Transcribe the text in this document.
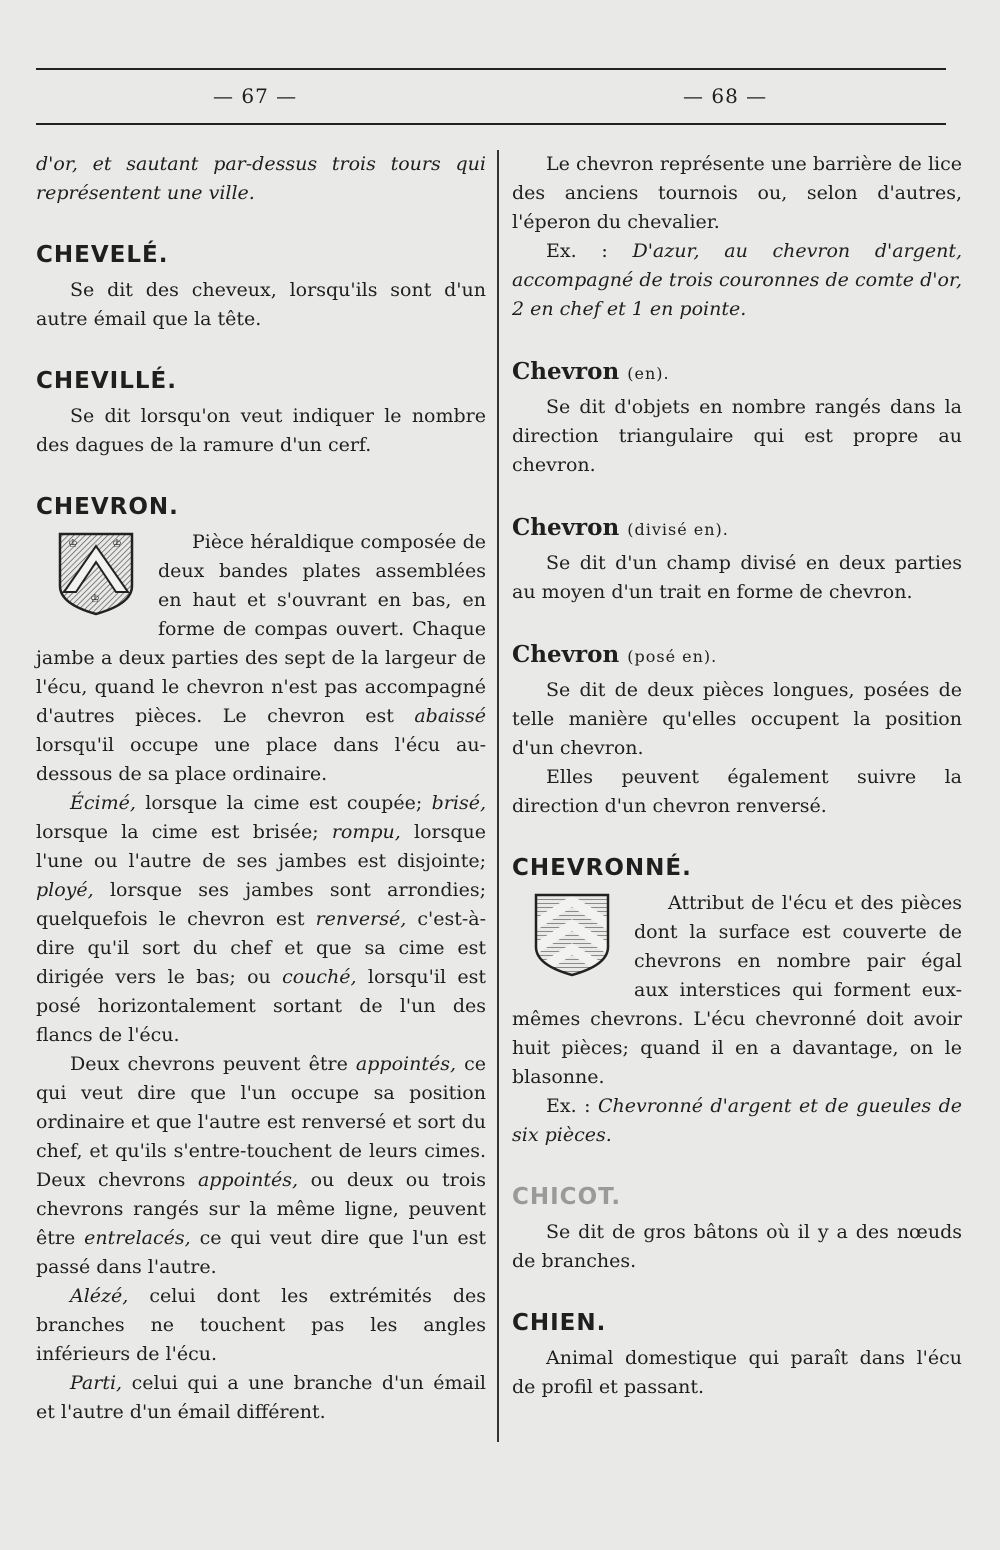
— 67 —	— 68 —

d'or, et sautant par-dessus trois tours qui représentent une ville.

CHEVELÉ.

Se dit des cheveux, lorsqu'ils sont d'un autre émail que la tête.

CHEVILLÉ.

Se dit lorsqu'on veut indiquer le nombre des dagues de la ramure d'un cerf.

CHEVRON.

♔	♔
♔
Pièce héraldique composée de deux bandes plates assemblées en haut et s'ouvrant en bas, en forme de compas ouvert. Chaque jambe a deux parties des sept de la largeur de l'écu, quand le chevron n'est pas accompagné d'autres pièces. Le chevron est abaissé lorsqu'il occupe une place dans l'écu au-dessous de sa place ordinaire.

Écimé, lorsque la cime est coupée; brisé, lorsque la cime est brisée; rompu, lorsque l'une ou l'autre de ses jambes est disjointe; ployé, lorsque ses jambes sont arrondies; quelquefois le chevron est renversé, c'est-à-dire qu'il sort du chef et que sa cime est dirigée vers le bas; ou couché, lorsqu'il est posé horizontalement sortant de l'un des flancs de l'écu.

Deux chevrons peuvent être appointés, ce qui veut dire que l'un occupe sa position ordinaire et que l'autre est renversé et sort du chef, et qu'ils s'entre-touchent de leurs cimes. Deux chevrons appointés, ou deux ou trois chevrons rangés sur la même ligne, peuvent être entrelacés, ce qui veut dire que l'un est passé dans l'autre.

Alézé, celui dont les extrémités des branches ne touchent pas les angles inférieurs de l'écu.

Parti, celui qui a une branche d'un émail et l'autre d'un émail différent.

Le chevron représente une barrière de lice des anciens tournois ou, selon d'autres, l'éperon du chevalier.

Ex. : D'azur, au chevron d'argent, accompagné de trois couronnes de comte d'or, 2 en chef et 1 en pointe.

Chevron (en).

Se dit d'objets en nombre rangés dans la direction triangulaire qui est propre au chevron.

Chevron (divisé en).

Se dit d'un champ divisé en deux parties au moyen d'un trait en forme de chevron.

Chevron (posé en).

Se dit de deux pièces longues, posées de telle manière qu'elles occupent la position d'un chevron.

Elles peuvent également suivre la direction d'un chevron renversé.

CHEVRONNÉ.

Attribut de l'écu et des pièces dont la surface est couverte de chevrons en nombre pair égal aux interstices qui forment eux-mêmes chevrons. L'écu chevronné doit avoir huit pièces; quand il en a davantage, on le blasonne.

Ex. : Chevronné d'argent et de gueules de six pièces.

CHICOT.

Se dit de gros bâtons où il y a des nœuds de branches.

CHIEN.

Animal domestique qui paraît dans l'écu de profil et passant.
